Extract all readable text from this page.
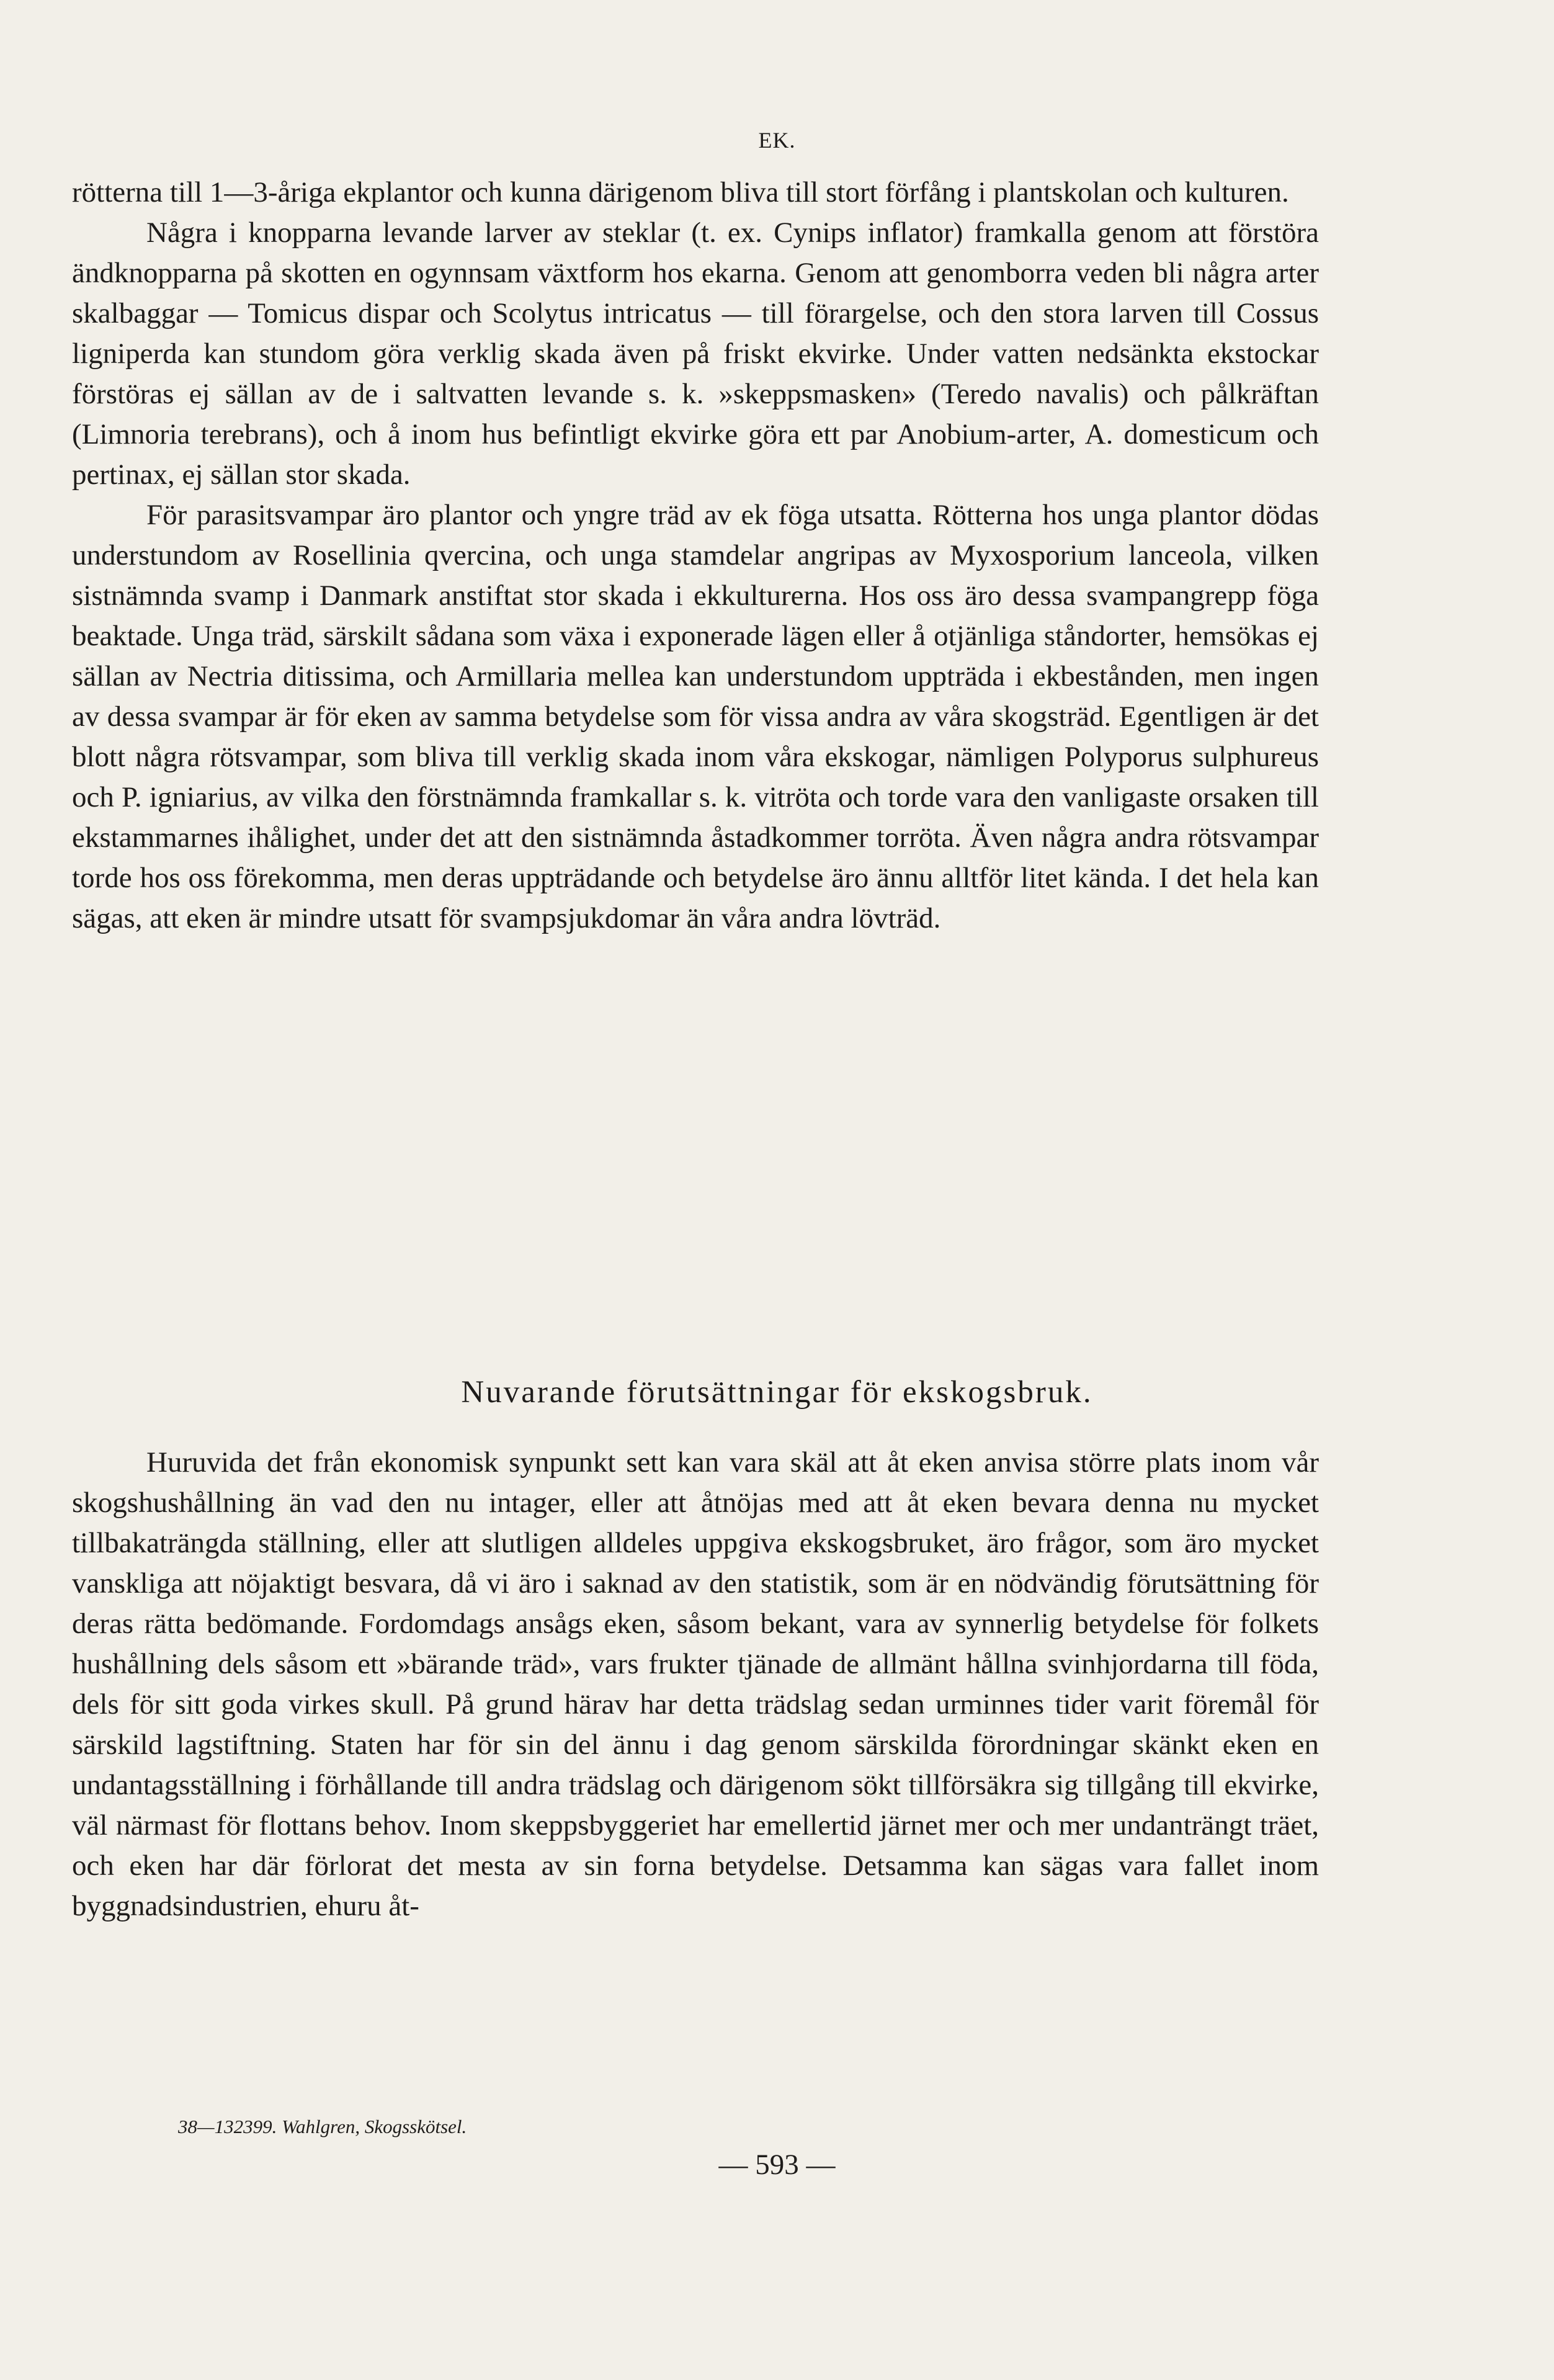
EK.

rötterna till 1—3-åriga ekplantor och kunna därigenom bliva till stort förfång i plantskolan och kulturen.

Några i knopparna levande larver av steklar (t. ex. Cynips inflator) framkalla genom att förstöra ändknopparna på skotten en ogynnsam växtform hos ekarna. Genom att genomborra veden bli några arter skalbaggar — Tomicus dispar och Scolytus intricatus — till förargelse, och den stora larven till Cossus ligniperda kan stundom göra verklig skada även på friskt ekvirke. Under vatten nedsänkta ekstockar förstöras ej sällan av de i saltvatten levande s. k. »skeppsmasken» (Teredo navalis) och pålkräftan (Limnoria terebrans), och å inom hus befintligt ekvirke göra ett par Anobium-arter, A. domesticum och pertinax, ej sällan stor skada.

För parasitsvampar äro plantor och yngre träd av ek föga utsatta. Rötterna hos unga plantor dödas understundom av Rosellinia qvercina, och unga stamdelar angripas av Myxosporium lanceola, vilken sistnämnda svamp i Danmark anstiftat stor skada i ekkulturerna. Hos oss äro dessa svampangrepp föga beaktade. Unga träd, särskilt sådana som växa i exponerade lägen eller å otjänliga ståndorter, hemsökas ej sällan av Nectria ditissima, och Armillaria mellea kan understundom uppträda i ekbestånden, men ingen av dessa svampar är för eken av samma betydelse som för vissa andra av våra skogsträd. Egentligen är det blott några rötsvampar, som bliva till verklig skada inom våra ekskogar, nämligen Polyporus sulphureus och P. igniarius, av vilka den förstnämnda framkallar s. k. vitröta och torde vara den vanligaste orsaken till ekstammarnes ihålighet, under det att den sistnämnda åstadkommer torröta. Även några andra rötsvampar torde hos oss förekomma, men deras uppträdande och betydelse äro ännu alltför litet kända. I det hela kan sägas, att eken är mindre utsatt för svampsjukdomar än våra andra lövträd.

Nuvarande förutsättningar för ekskogsbruk.

Huruvida det från ekonomisk synpunkt sett kan vara skäl att åt eken anvisa större plats inom vår skogshushållning än vad den nu intager, eller att åtnöjas med att åt eken bevara denna nu mycket tillbakaträngda ställning, eller att slutligen alldeles uppgiva ekskogsbruket, äro frågor, som äro mycket vanskliga att nöjaktigt besvara, då vi äro i saknad av den statistik, som är en nödvändig förutsättning för deras rätta bedömande. Fordomdags ansågs eken, såsom bekant, vara av synnerlig betydelse för folkets hushållning dels såsom ett »bärande träd», vars frukter tjänade de allmänt hållna svinhjordarna till föda, dels för sitt goda virkes skull. På grund härav har detta trädslag sedan urminnes tider varit föremål för särskild lagstiftning. Staten har för sin del ännu i dag genom särskilda förordningar skänkt eken en undantagsställning i förhållande till andra trädslag och därigenom sökt tillförsäkra sig tillgång till ekvirke, väl närmast för flottans behov. Inom skeppsbyggeriet har emellertid järnet mer och mer undanträngt träet, och eken har där förlorat det mesta av sin forna betydelse. Detsamma kan sägas vara fallet inom byggnadsindustrien, ehuru åt-

38—132399. Wahlgren, Skogsskötsel.
— 593 —
